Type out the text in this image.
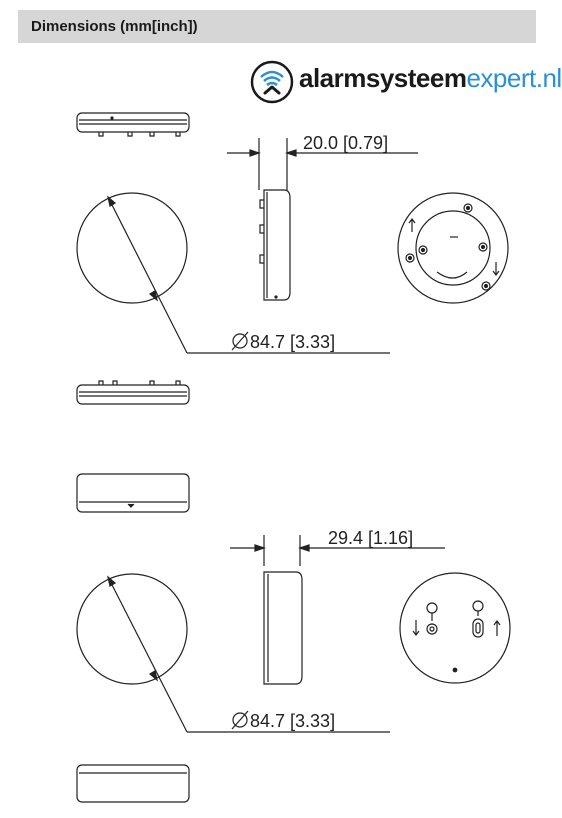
Dimensions (mm[inch])
alarmsysteemexpert.nl
20.0 [0.79]
84.7 [3.33]
29.4 [1.16]
84.7 [3.33]
